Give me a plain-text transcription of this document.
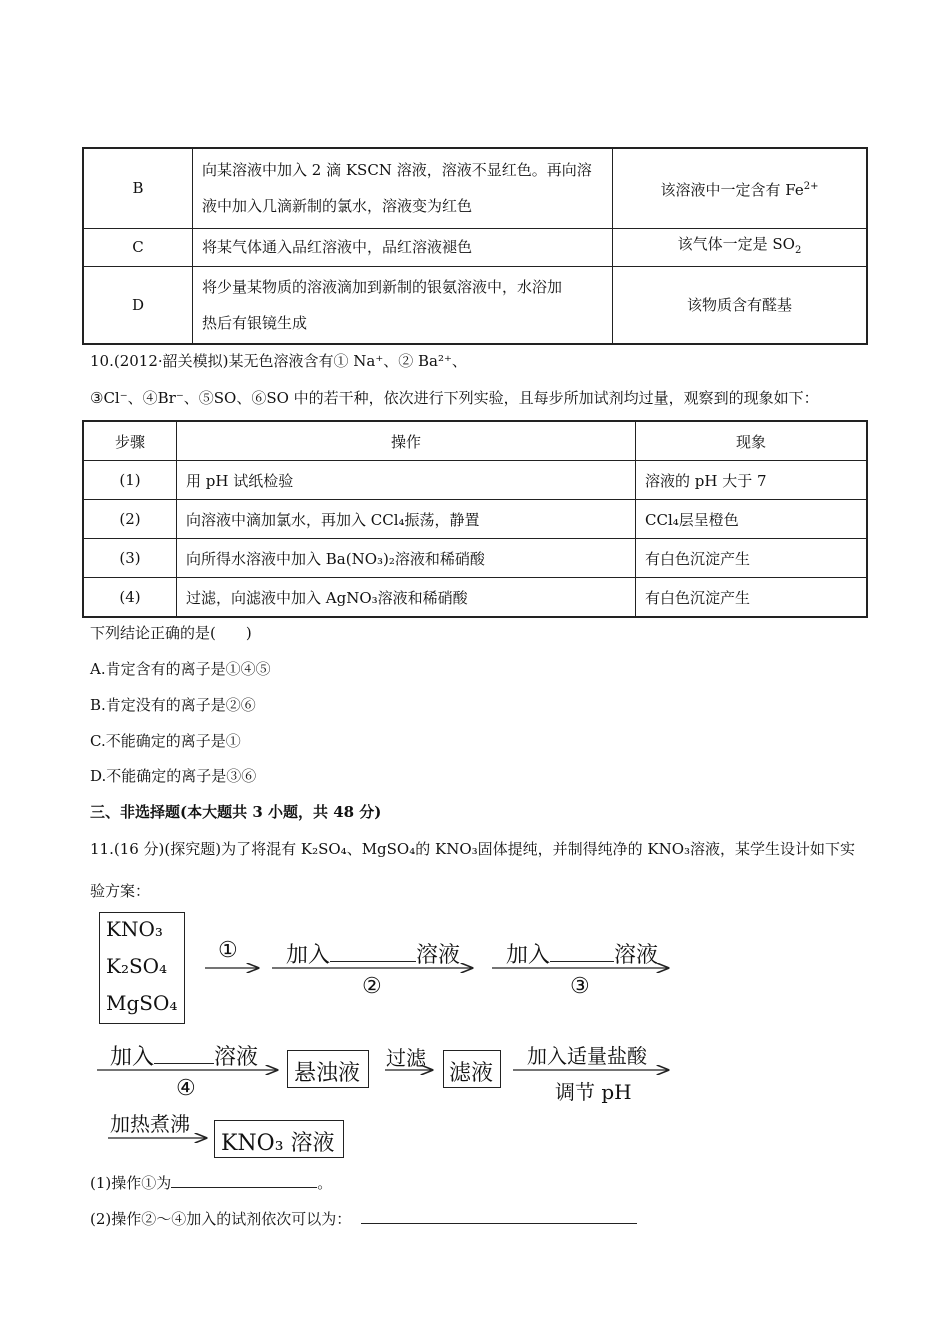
B	向某溶液中加入 2 滴 KSCN 溶液，溶液不显红色。再向溶
液中加入几滴新制的氯水，溶液变为红色	该溶液中一定含有 $Fe^{2+}$
C	将某气体通入品红溶液中，品红溶液褪色	该气体一定是 $SO_2$
D	将少量某物质的溶液滴加到新制的银氨溶液中，水浴加
热后有银镜生成	该物质含有醛基
10.(2012·韶关模拟)某无色溶液含有① Na⁺、② Ba²⁺、
③Cl⁻、④Br⁻、⑤SO、⑥SO 中的若干种，依次进行下列实验，且每步所加试剂均过量，观察到的现象如下：
步骤	操作	现象
(1)	用 pH 试纸检验	溶液的 pH 大于 7
(2)	向溶液中滴加氯水，再加入 CCl₄振荡，静置	CCl₄层呈橙色
(3)	向所得水溶液中加入 Ba(NO₃)₂溶液和稀硝酸	有白色沉淀产生
(4)	过滤，向滤液中加入 AgNO₃溶液和稀硝酸	有白色沉淀产生
下列结论正确的是(　　)
A.肯定含有的离子是①④⑤
B.肯定没有的离子是②⑥
C.不能确定的离子是①
D.不能确定的离子是③⑥
三、非选择题(本大题共 3 小题，共 48 分)
11.(16 分)(探究题)为了将混有 K₂SO₄、MgSO₄的 KNO₃固体提纯，并制得纯净的 KNO₃溶液，某学生设计如下实
验方案：
KNO₃
K₂SO₄
MgSO₄
① 加入	溶液
②
加入	溶液
③
加入	溶液
④
悬浊液
过滤
滤液
加入适量盐酸
调节 pH
加热煮沸
KNO₃ 溶液
(1)操作①为	。
(2)操作②～④加入的试剂依次可以为：
